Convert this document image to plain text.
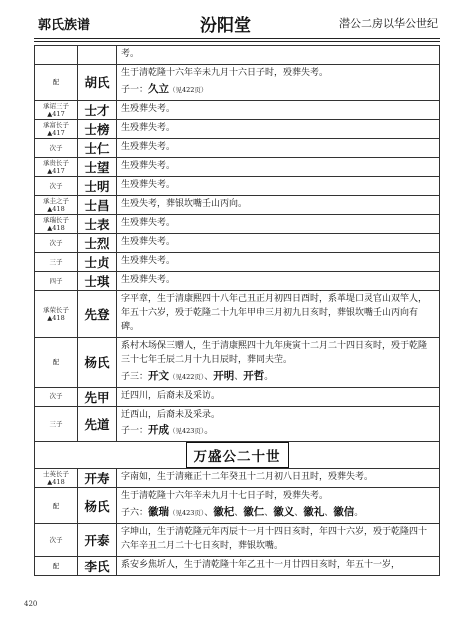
郭氏族谱	汾阳堂	潜公二房以华公世纪
		考。

配	胡氏	生于清乾隆十六年辛未九月十六日子时，殁葬失考。
子一：久立（见422页）

承诏三子
▲417	士才	生殁葬失考。

承富长子
▲417	士榜	生殁葬失考。

次子	士仁	生殁葬失考。

承贵长子
▲417	士望	生殁葬失考。

次子	士明	生殁葬失考。

承圭之子
▲418	士昌	生殁失考，葬银坎嘴壬山丙向。

承瑞长子
▲418	士表	生殁葬失考。

次子	士烈	生殁葬失考。

三子	士贞	生殁葬失考。

四子	士琪	生殁葬失考。

承荣长子
▲418	先登	字平章，生于清康熙四十八年己丑正月初四日酉时，系革堤口灵官山双竿人，年五十六岁，殁于乾隆二十九年甲申三月初九日亥时，葬银坎嘴壬山丙向有碑。

配	杨氏	系村木场保三赠人，生于清康熙四十九年庚寅十二月二十四日亥时，殁于乾隆三十七年壬辰二月十九日辰时，葬同夫茔。
子三：开文（见422页）、开明、开哲。

次子	先甲	迁四川，后裔未及采访。

三子	先道	迁西山，后裔未及采录。
子一：开成（见423页）。

万盛公二十世		

士英长子
▲418	开寿	字南如，生于清雍正十二年癸丑十二月初八日丑时，殁葬失考。

配	杨氏	生于清乾隆十六年辛未九月十七日子时，殁葬失考。
子六：徽瑞（见423页）、徽杞、徽仁、徽义、徽礼、徽信。

次子	开泰	字坤山，生于清乾隆元年丙辰十一月十四日亥时，年四十六岁，殁于乾隆四十六年辛丑二月二十七日亥时，葬银坎嘴。

配	李氏	系安乡焦圻人，生于清乾隆十年乙丑十一月廿四日亥时，年五十一岁，
420
